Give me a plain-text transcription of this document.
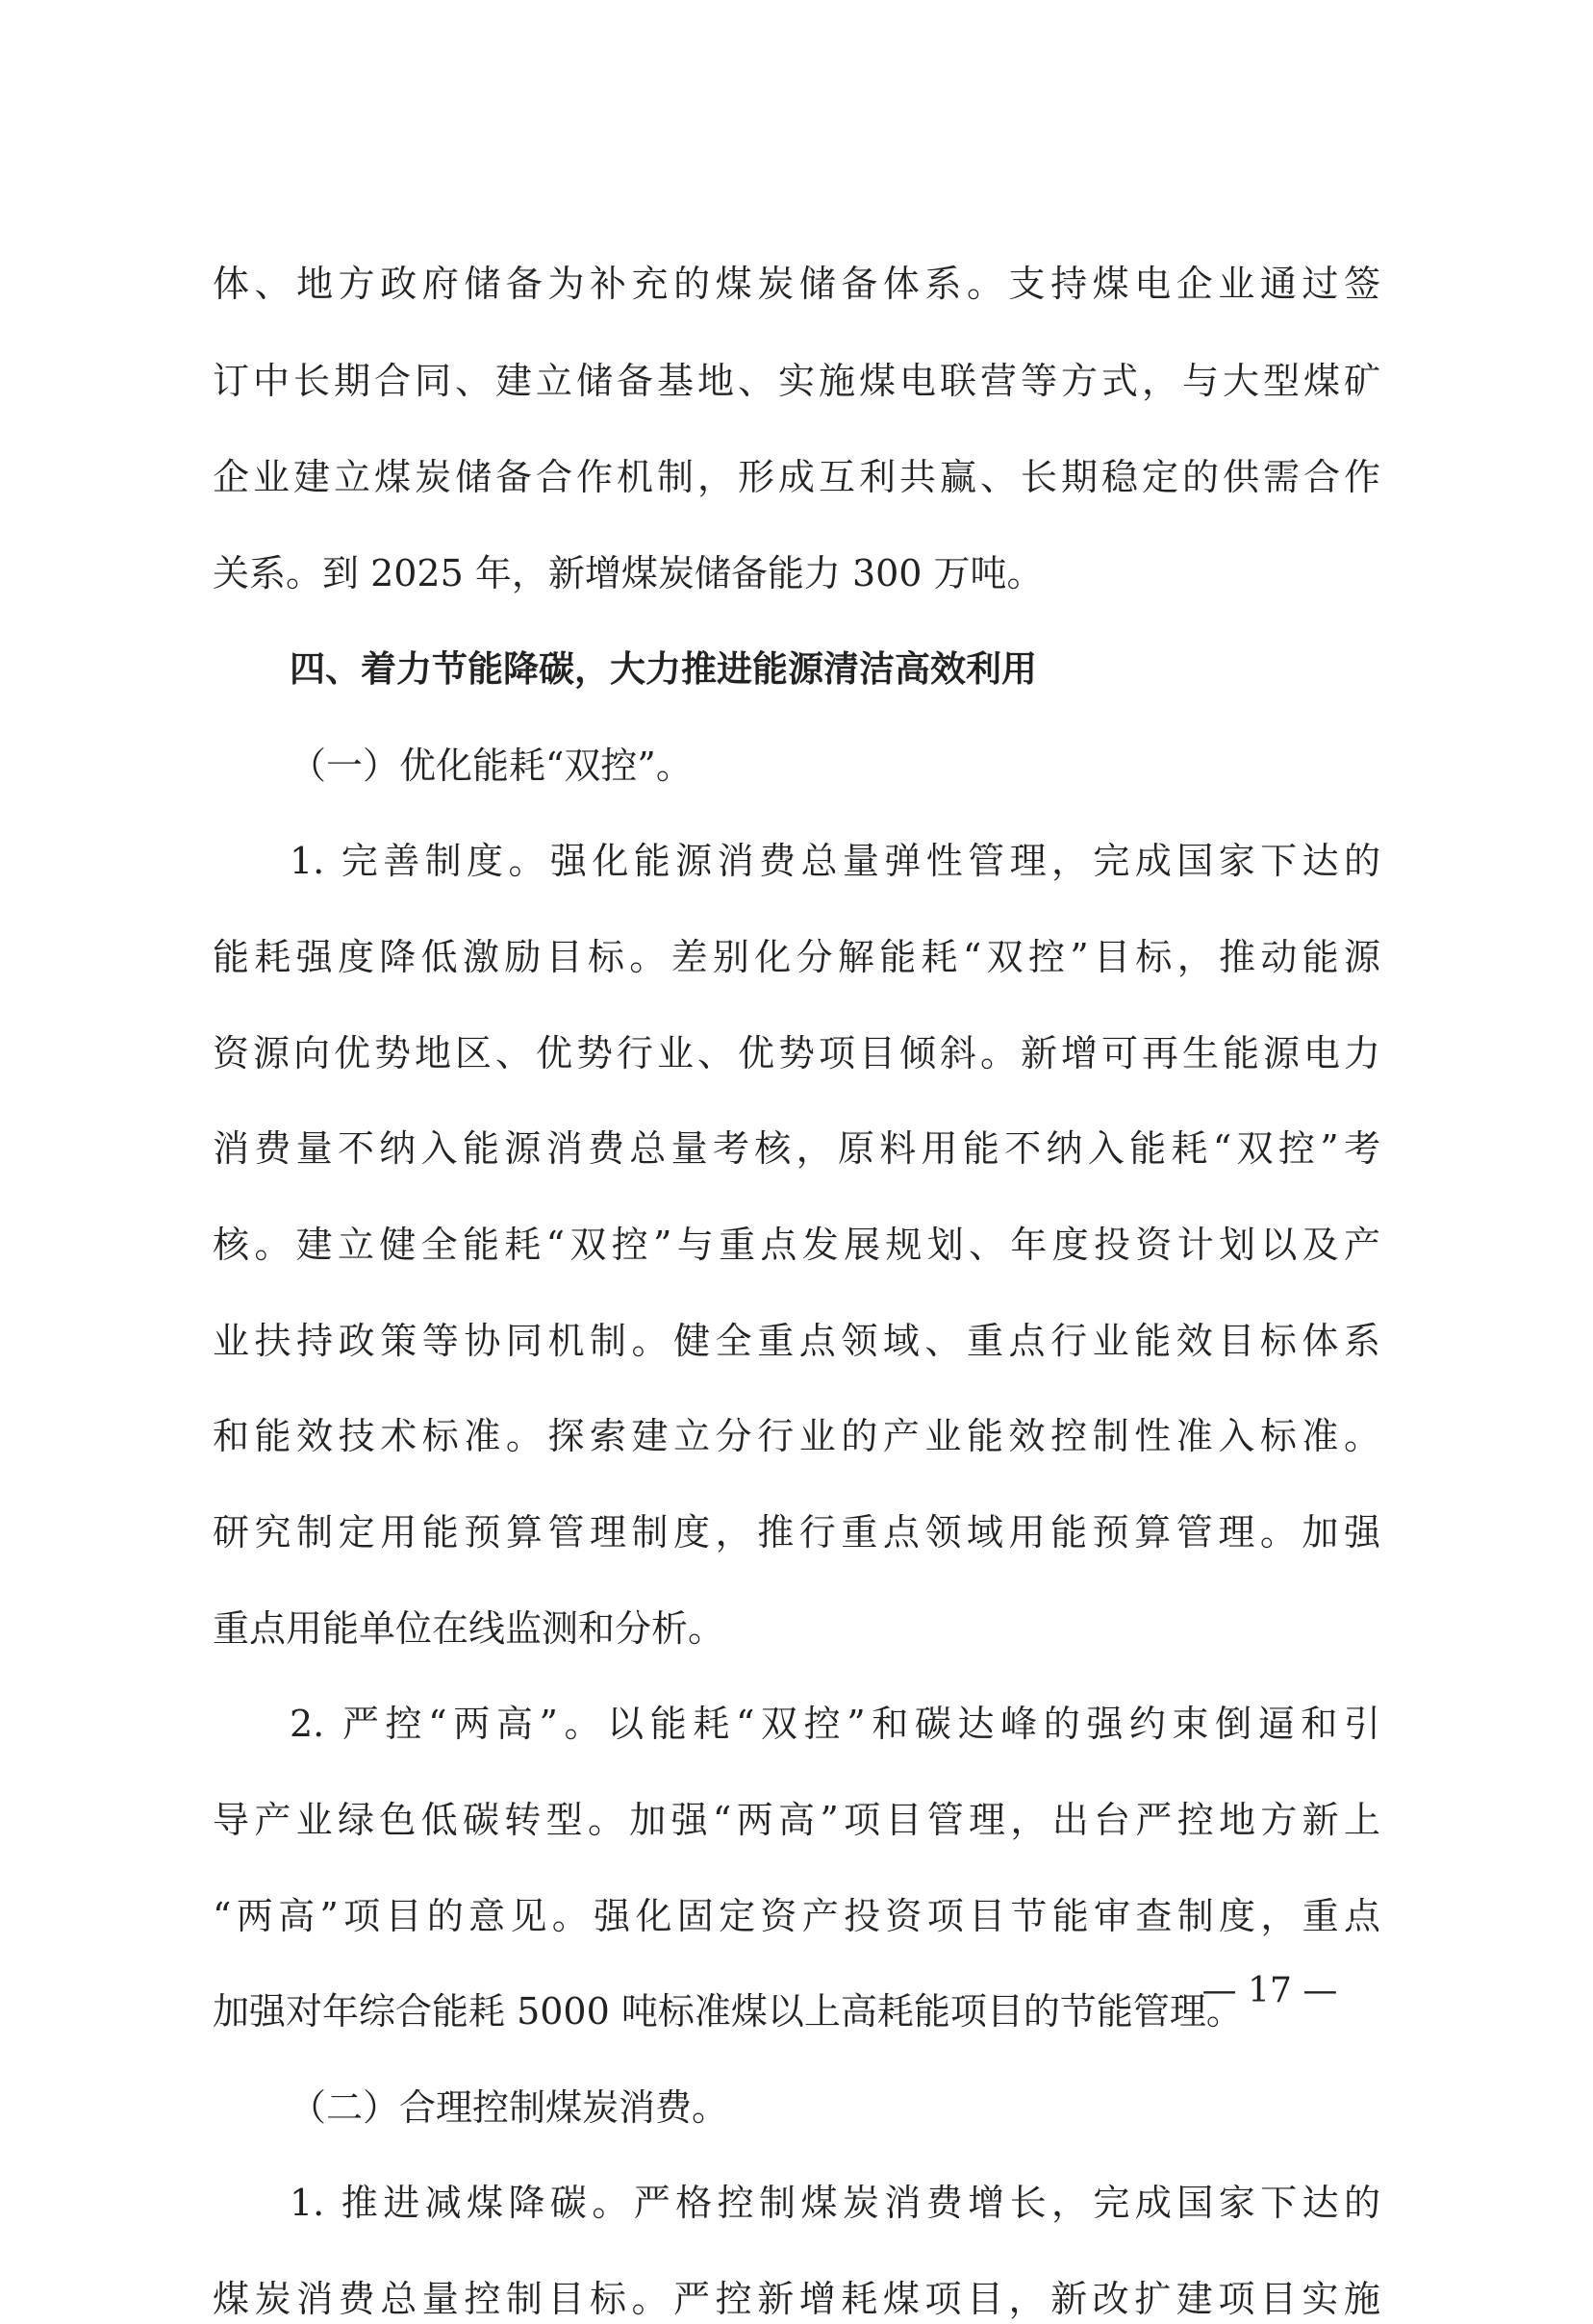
体、地方政府储备为补充的煤炭储备体系。支持煤电企业通过签
订中长期合同、建立储备基地、实施煤电联营等方式，与大型煤矿
企业建立煤炭储备合作机制，形成互利共赢、长期稳定的供需合作
关系。到 2025 年，新增煤炭储备能力 300 万吨。
四、着力节能降碳，大力推进能源清洁高效利用
（一）优化能耗“双控”。
1. 完善制度。强化能源消费总量弹性管理，完成国家下达的
能耗强度降低激励目标。差别化分解能耗“双控”目标，推动能源
资源向优势地区、优势行业、优势项目倾斜。新增可再生能源电力
消费量不纳入能源消费总量考核，原料用能不纳入能耗“双控”考
核。建立健全能耗“双控”与重点发展规划、年度投资计划以及产
业扶持政策等协同机制。健全重点领域、重点行业能效目标体系
和能效技术标准。探索建立分行业的产业能效控制性准入标准。
研究制定用能预算管理制度，推行重点领域用能预算管理。加强
重点用能单位在线监测和分析。
2. 严控“两高”。以能耗“双控”和碳达峰的强约束倒逼和引
导产业绿色低碳转型。加强“两高”项目管理，出台严控地方新上
“两高”项目的意见。强化固定资产投资项目节能审查制度，重点
加强对年综合能耗 5000 吨标准煤以上高耗能项目的节能管理。
（二）合理控制煤炭消费。
1. 推进减煤降碳。严格控制煤炭消费增长，完成国家下达的
煤炭消费总量控制目标。严控新增耗煤项目，新改扩建项目实施
— 17 —
